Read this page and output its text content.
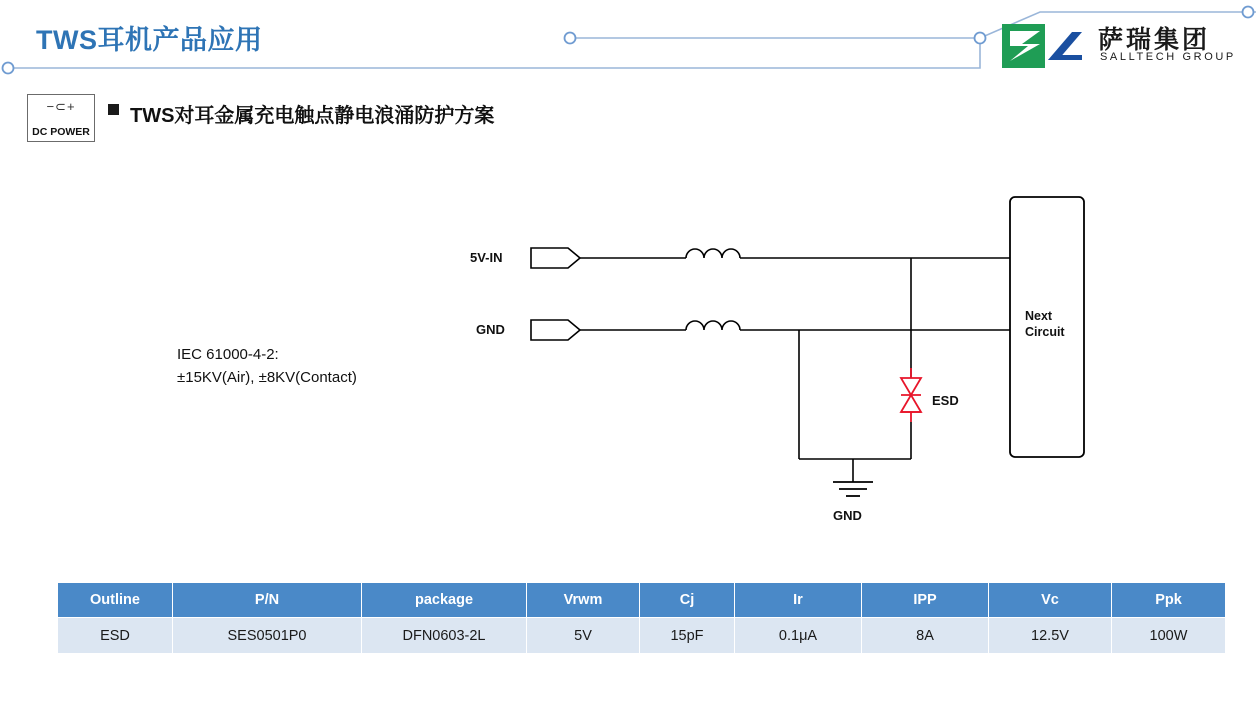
TWS耳机产品应用	萨瑞集团
SALLTECH GROUP
−⊂+
DC POWER
TWS对耳金属充电触点静电浪涌防护方案
IEC 61000-4-2:
±15KV(Air), ±8KV(Contact)
5V-IN
GND
GND
ESD
Next
Circuit
Outline	P/N	package	Vrwm	Cj	Ir	IPP	Vc	Ppk
ESD	SES0501P0	DFN0603-2L	5V	15pF	0.1μA	8A	12.5V	100W
